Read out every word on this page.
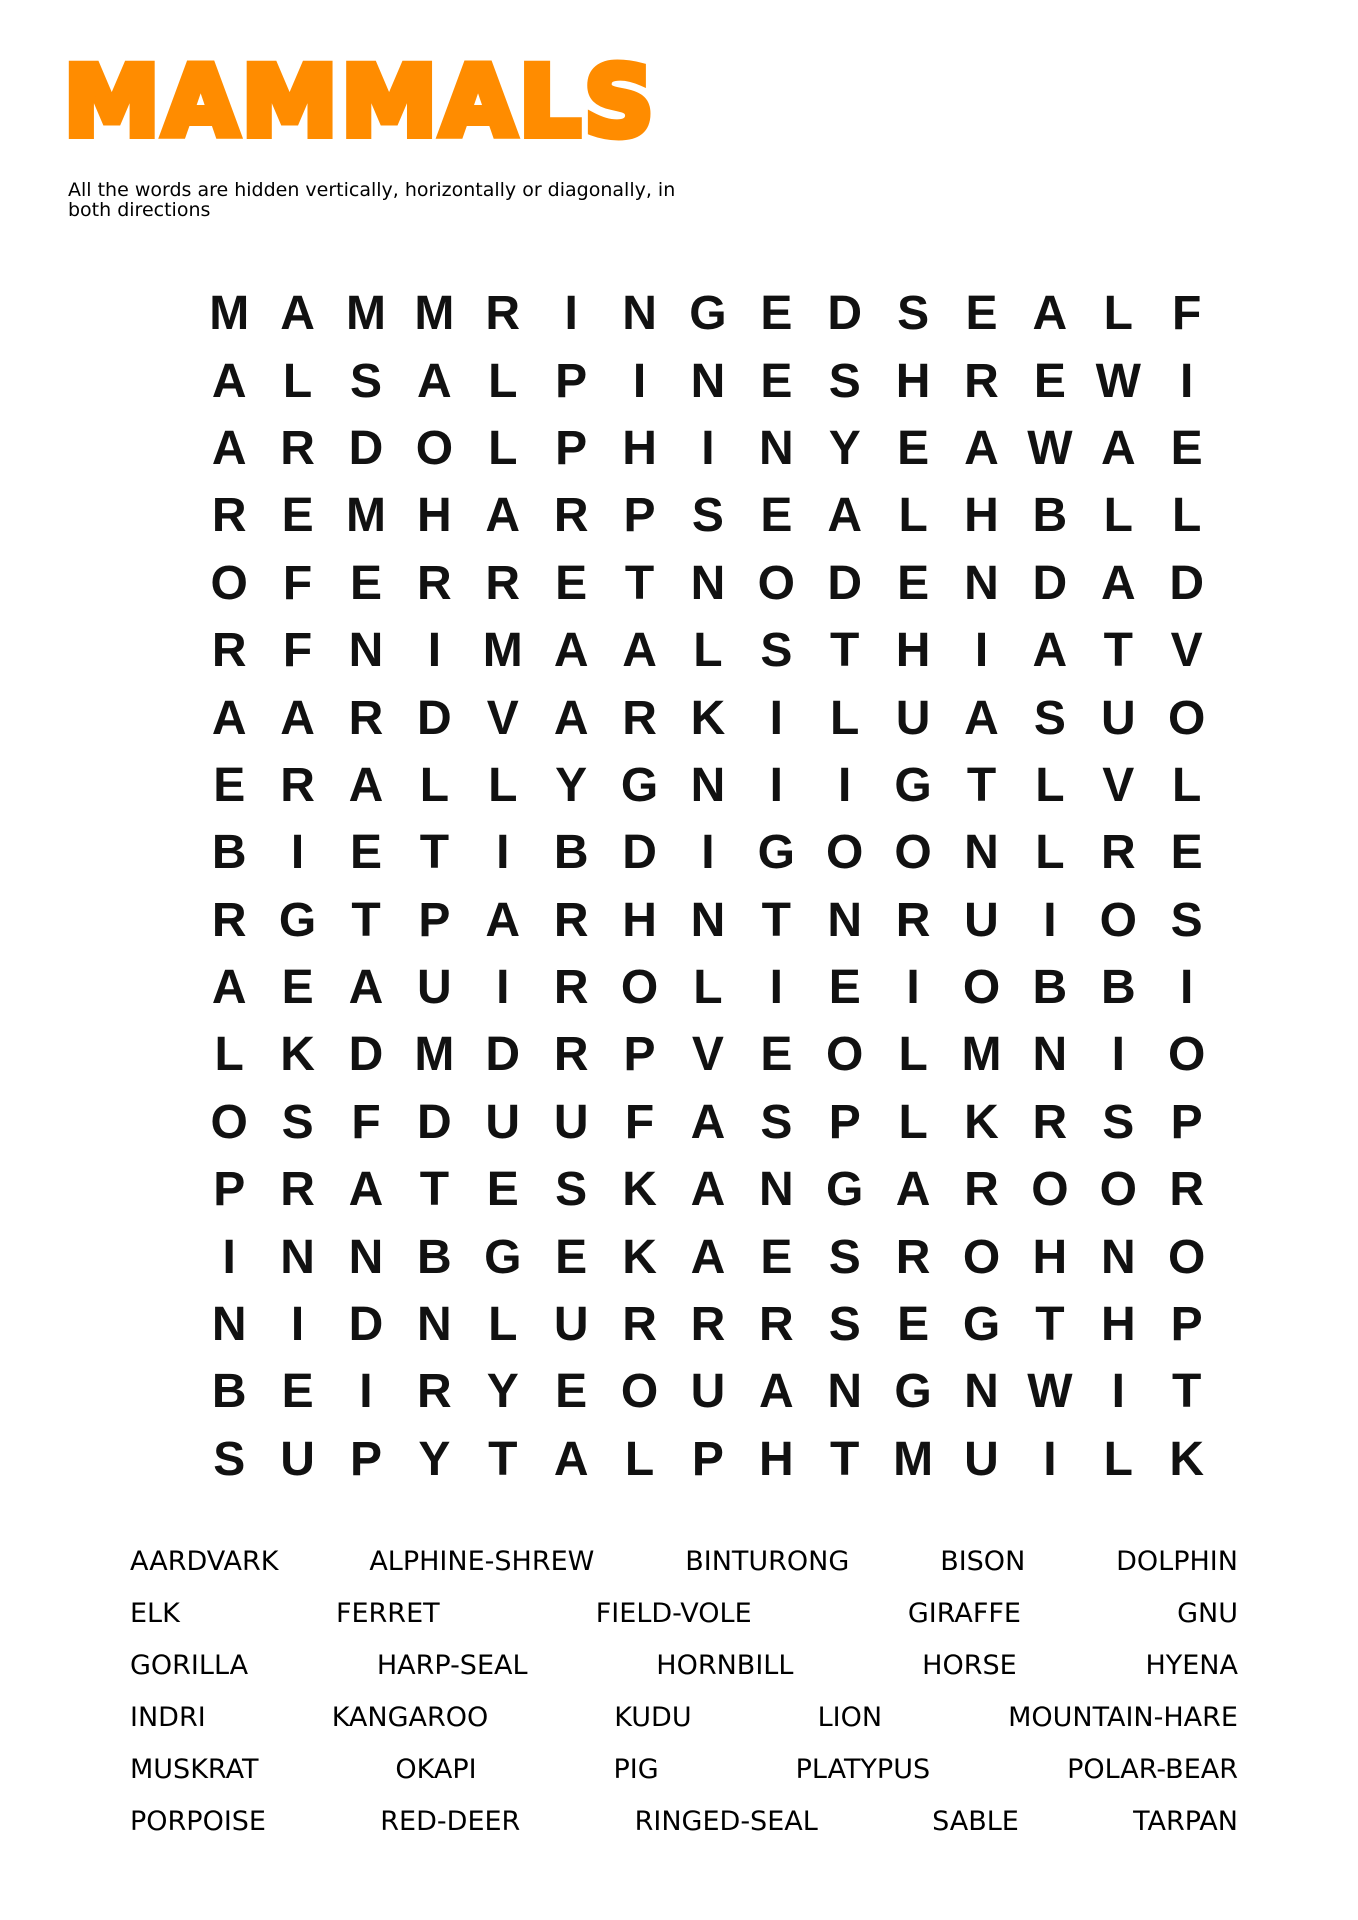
MAMMALS
All the words are hidden vertically, horizontally or diagonally, in both directions
M A M M R I N G E D S E A L F
A L S A L P I N E S H R E W I
A R D O L P H I N Y E A W A E
R E M H A R P S E A L H B L L
O F E R R E T N O D E N D A D
R F N I M A A L S T H I A T V
A A R D V A R K I L U A S U O
E R A L L Y G N I	I G T L V L
B I E T I B D I G O O N L R E
R G T P A R H N T N R U I O S
A E A U I R O L I E I O B B I
L K D M D R P V E O L M N I O
O S F D U U F A S P L K R S P
P R A T E S K A N G A R O O R
I N N B G E K A E S R O H N O
N I D N L U R R R S E G T H P
B E I R Y E O U A N G N W I T
S U P Y T A L P H T M U I L K
AARDVARK	ALPHINE-SHREW	BINTURONG	BISON	DOLPHIN
ELK	FERRET	FIELD-VOLE	GIRAFFE	GNU
GORILLA	HARP-SEAL	HORNBILL	HORSE	HYENA
INDRI	KANGAROO	KUDU	LION	MOUNTAIN-HARE
MUSKRAT	OKAPI	PIG	PLATYPUS	POLAR-BEAR
PORPOISE	RED-DEER	RINGED-SEAL	SABLE	TARPAN
